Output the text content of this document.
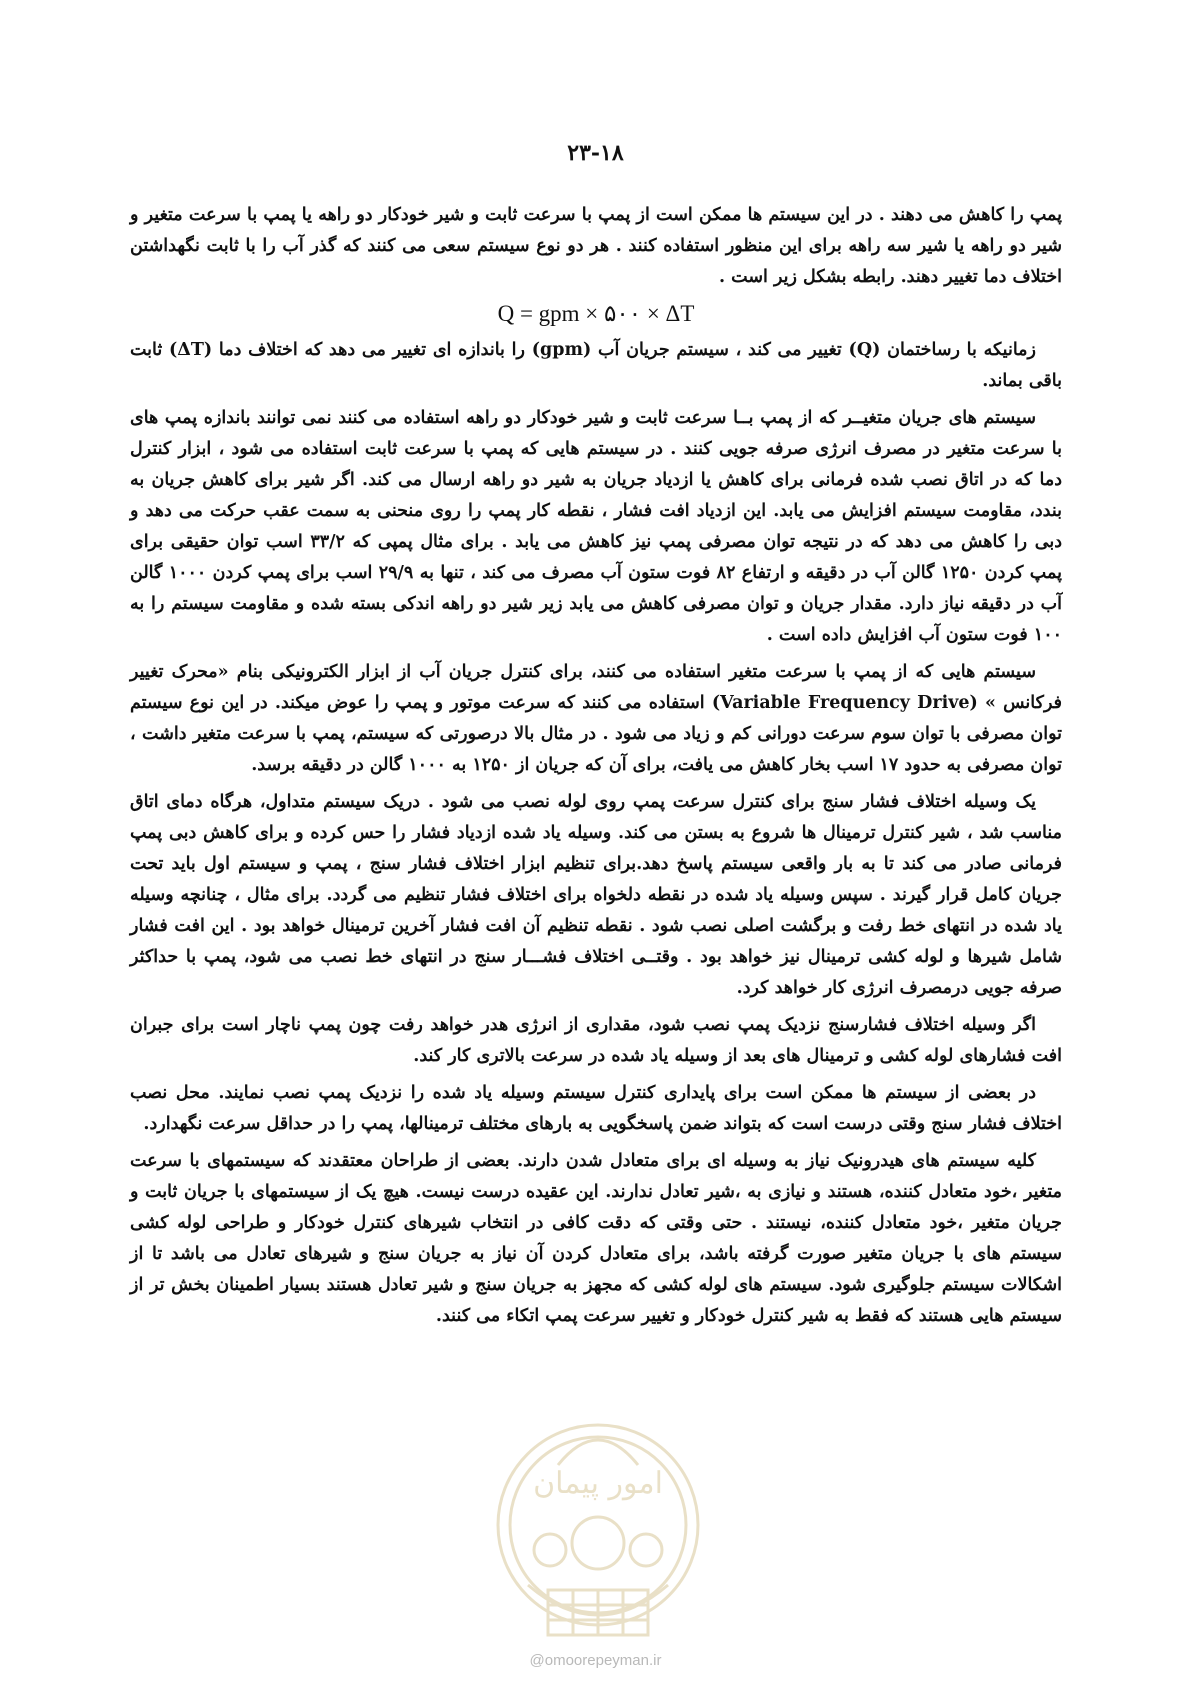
۲۳-۱۸

پمپ را کاهش می دهند . در این سیستم ها ممکن است از پمپ با سرعت ثابت و شیر خودکار دو راهه یا پمپ با سرعت متغیر و شیر دو راهه یا شیر سه راهه برای این منظور استفاده کنند . هر دو نوع سیستم سعی می کنند که گذر آب را با ثابت نگهداشتن اختلاف دما تغییر دهند. رابطه بشکل زیر است .

Q = gpm × ۵۰۰ × ΔT

زمانیکه با رساختمان (Q) تغییر می کند ، سیستم جریان آب (gpm) را باندازه ای تغییر می دهد که اختلاف دما (ΔT) ثابت باقی بماند.

سیستم های جریان متغیــر که از پمپ بــا سرعت ثابت و شیر خودکار دو راهه استفاده می کنند نمی توانند باندازه پمپ های با سرعت متغیر در مصرف انرژی صرفه جویی کنند . در سیستم هایی که پمپ با سرعت ثابت استفاده می شود ، ابزار کنترل دما که در اتاق نصب شده فرمانی برای کاهش یا ازدیاد جریان به شیر دو راهه ارسال می کند. اگر شیر برای کاهش جریان به بندد، مقاومت سیستم افزایش می یابد. این ازدیاد افت فشار ، نقطه کار پمپ را روی منحنی به سمت عقب حرکت می دهد و دبی را کاهش می دهد که در نتیجه توان مصرفی پمپ نیز کاهش می یابد . برای مثال پمپی که ۳۳/۲ اسب توان حقیقی برای پمپ کردن ۱۲۵۰ گالن آب در دقیقه و ارتفاع ۸۲ فوت ستون آب مصرف می کند ، تنها به ۲۹/۹ اسب برای پمپ کردن ۱۰۰۰ گالن آب در دقیقه نیاز دارد. مقدار جریان و توان مصرفی کاهش می یابد زیر شیر دو راهه اندکی بسته شده و مقاومت سیستم را به ۱۰۰ فوت ستون آب افزایش داده است .

سیستم هایی که از پمپ با سرعت متغیر استفاده می کنند، برای کنترل جریان آب از ابزار الکترونیکی بنام «محرک تغییر فرکانس » (Variable Frequency Drive) استفاده می کنند که سرعت موتور و پمپ را عوض میکند. در این نوع سیستم توان مصرفی با توان سوم سرعت دورانی کم و زیاد می شود . در مثال بالا درصورتی که سیستم، پمپ با سرعت متغیر داشت ، توان مصرفی به حدود ۱۷ اسب بخار کاهش می یافت، برای آن که جریان از ۱۲۵۰ به ۱۰۰۰ گالن در دقیقه برسد.

یک وسیله اختلاف فشار سنج برای کنترل سرعت پمپ روی لوله نصب می شود . دریک سیستم متداول، هرگاه دمای اتاق مناسب شد ، شیر کنترل ترمینال ها شروع به بستن می کند. وسیله یاد شده ازدیاد فشار را حس کرده و برای کاهش دبی پمپ فرمانی صادر می کند تا به بار واقعی سیستم پاسخ دهد.برای تنظیم ابزار اختلاف فشار سنج ، پمپ و سیستم اول باید تحت جریان کامل قرار گیرند . سپس وسیله یاد شده در نقطه دلخواه برای اختلاف فشار تنظیم می گردد. برای مثال ، چنانچه وسیله یاد شده در انتهای خط رفت و برگشت اصلی نصب شود . نقطه تنظیم آن افت فشار آخرین ترمینال خواهد بود . این افت فشار شامل شیرها و لوله کشی ترمینال نیز خواهد بود . وقتــی اختلاف فشـــار سنج در انتهای خط نصب می شود، پمپ با حداکثر صرفه جویی درمصرف انرژی کار خواهد کرد.

اگر وسیله اختلاف فشارسنج نزدیک پمپ نصب شود، مقداری از انرژی هدر خواهد رفت چون پمپ ناچار است برای جبران افت فشارهای لوله کشی و ترمینال های بعد از وسیله یاد شده در سرعت بالاتری کار کند.

در بعضی از سیستم ها ممکن است برای پایداری کنترل سیستم وسیله یاد شده را نزدیک پمپ نصب نمایند. محل نصب اختلاف فشار سنج وقتی درست است که بتواند ضمن پاسخگویی به بارهای مختلف ترمینالها، پمپ را در حداقل سرعت نگهدارد.

کلیه سیستم های هیدرونیک نیاز به وسیله ای برای متعادل شدن دارند. بعضی از طراحان معتقدند که سیستمهای با سرعت متغیر ،خود متعادل کننده، هستند و نیازی به ،شیر تعادل ندارند. این عقیده درست نیست. هیچ یک از سیستمهای با جریان ثابت و جریان متغیر ،خود متعادل کننده، نیستند . حتی وقتی که دقت کافی در انتخاب شیرهای کنترل خودکار و طراحی لوله کشی سیستم های با جریان متغیر صورت گرفته باشد، برای متعادل کردن آن نیاز به جریان سنج و شیرهای تعادل می باشد تا از اشکالات سیستم جلوگیری شود. سیستم های لوله کشی که مجهز به جریان سنج و شیر تعادل هستند بسیار اطمینان بخش تر از سیستم هایی هستند که فقط به شیر کنترل خودکار و تغییر سرعت پمپ اتکاء می کنند.

امور پیمان
@omoorepeyman.ir
